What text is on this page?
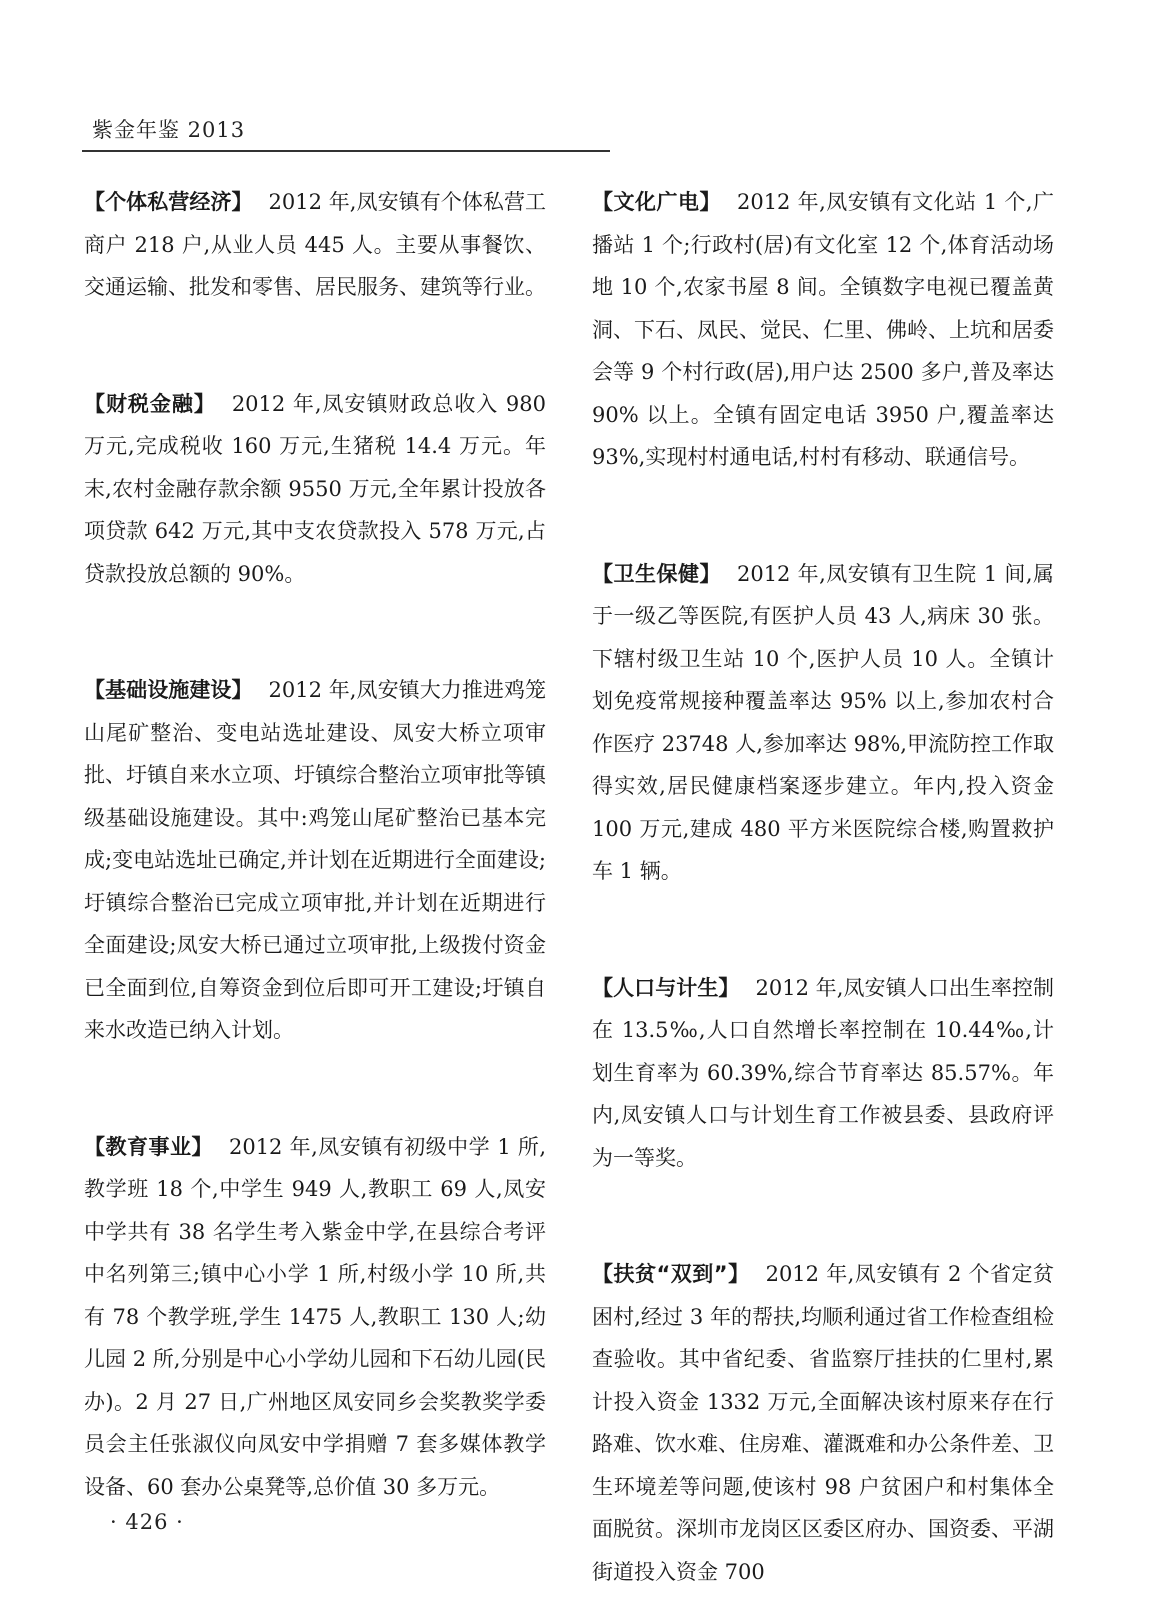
紫金年鉴 2013

【个体私营经济】 2012 年,凤安镇有个体私营工商户 218 户,从业人员 445 人。主要从事餐饮、交通运输、批发和零售、居民服务、建筑等行业。

【财税金融】 2012 年,凤安镇财政总收入 980 万元,完成税收 160 万元,生猪税 14.4 万元。年末,农村金融存款余额 9550 万元,全年累计投放各项贷款 642 万元,其中支农贷款投入 578 万元,占贷款投放总额的 90%。

【基础设施建设】 2012 年,凤安镇大力推进鸡笼山尾矿整治、变电站选址建设、凤安大桥立项审批、圩镇自来水立项、圩镇综合整治立项审批等镇级基础设施建设。其中:鸡笼山尾矿整治已基本完成;变电站选址已确定,并计划在近期进行全面建设;圩镇综合整治已完成立项审批,并计划在近期进行全面建设;凤安大桥已通过立项审批,上级拨付资金已全面到位,自筹资金到位后即可开工建设;圩镇自来水改造已纳入计划。

【教育事业】 2012 年,凤安镇有初级中学 1 所,教学班 18 个,中学生 949 人,教职工 69 人,凤安中学共有 38 名学生考入紫金中学,在县综合考评中名列第三;镇中心小学 1 所,村级小学 10 所,共有 78 个教学班,学生 1475 人,教职工 130 人;幼儿园 2 所,分别是中心小学幼儿园和下石幼儿园(民办)。2 月 27 日,广州地区凤安同乡会奖教奖学委员会主任张淑仪向凤安中学捐赠 7 套多媒体教学设备、60 套办公桌凳等,总价值 30 多万元。

【文化广电】 2012 年,凤安镇有文化站 1 个,广播站 1 个;行政村(居)有文化室 12 个,体育活动场地 10 个,农家书屋 8 间。全镇数字电视已覆盖黄洞、下石、凤民、觉民、仁里、佛岭、上坑和居委会等 9 个村行政(居),用户达 2500 多户,普及率达 90% 以上。全镇有固定电话 3950 户,覆盖率达 93%,实现村村通电话,村村有移动、联通信号。

【卫生保健】 2012 年,凤安镇有卫生院 1 间,属于一级乙等医院,有医护人员 43 人,病床 30 张。下辖村级卫生站 10 个,医护人员 10 人。全镇计划免疫常规接种覆盖率达 95% 以上,参加农村合作医疗 23748 人,参加率达 98%,甲流防控工作取得实效,居民健康档案逐步建立。年内,投入资金 100 万元,建成 480 平方米医院综合楼,购置救护车 1 辆。

【人口与计生】 2012 年,凤安镇人口出生率控制在 13.5‰,人口自然增长率控制在 10.44‰,计划生育率为 60.39%,综合节育率达 85.57%。年内,凤安镇人口与计划生育工作被县委、县政府评为一等奖。

【扶贫“双到”】 2012 年,凤安镇有 2 个省定贫困村,经过 3 年的帮扶,均顺利通过省工作检查组检查验收。其中省纪委、省监察厅挂扶的仁里村,累计投入资金 1332 万元,全面解决该村原来存在行路难、饮水难、住房难、灌溉难和办公条件差、卫生环境差等问题,使该村 98 户贫困户和村集体全面脱贫。深圳市龙岗区区委区府办、国资委、平湖街道投入资金 700

· 426 ·
